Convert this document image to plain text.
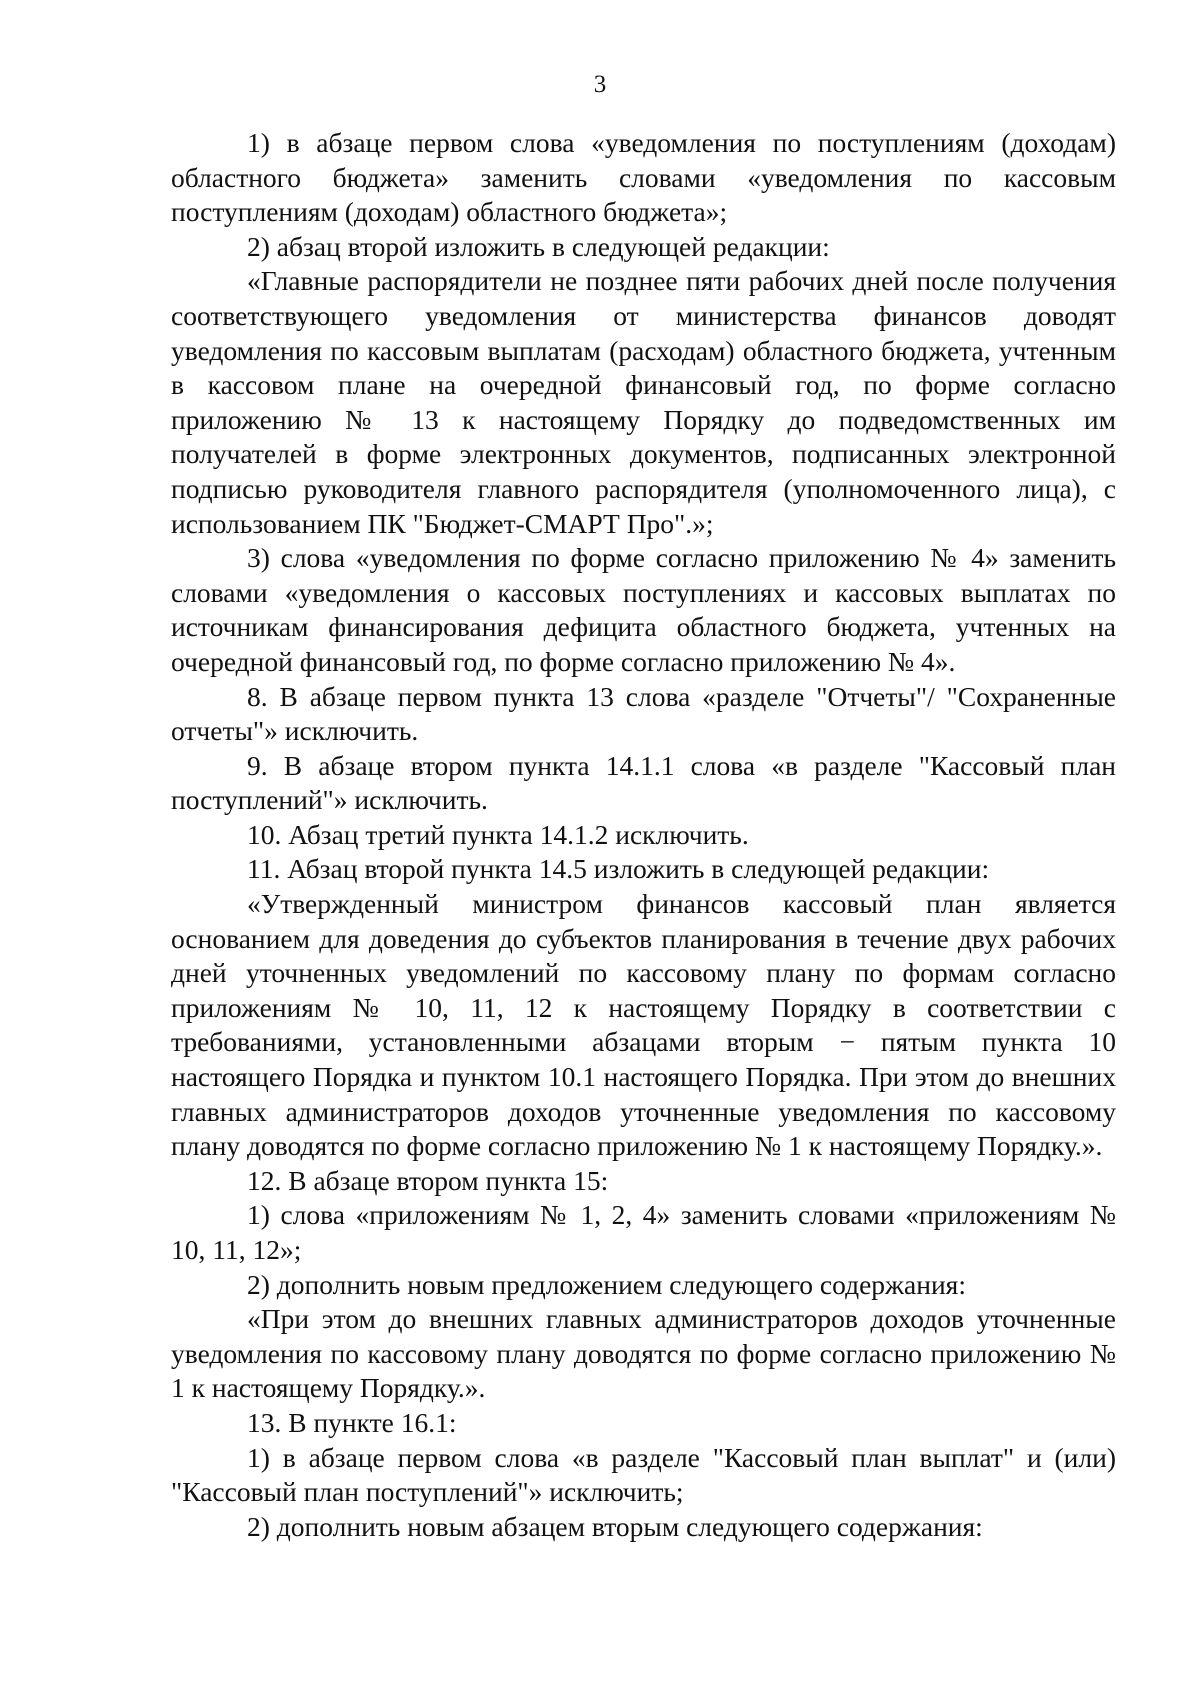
3

1) в абзаце первом слова «уведомления по поступлениям (доходам) областного бюджета» заменить словами «уведомления по кассовым поступлениям (доходам) областного бюджета»;

2) абзац второй изложить в следующей редакции:

«Главные распорядители не позднее пяти рабочих дней после получения соответствующего уведомления от министерства финансов доводят уведомления по кассовым выплатам (расходам) областного бюджета, учтенным в кассовом плане на очередной финансовый год, по форме согласно приложению № 13 к настоящему Порядку до подведомственных им получателей в форме электронных документов, подписанных электронной подписью руководителя главного распорядителя (уполномоченного лица), с использованием ПК "Бюджет-СМАРТ Про".»;

3) слова «уведомления по форме согласно приложению № 4» заменить словами «уведомления о кассовых поступлениях и кассовых выплатах по источникам финансирования дефицита областного бюджета, учтенных на очередной финансовый год, по форме согласно приложению № 4».

8. В абзаце первом пункта 13 слова «разделе "Отчеты"/ "Сохраненные отчеты"» исключить.

9. В абзаце втором пункта 14.1.1 слова «в разделе "Кассовый план поступлений"» исключить.

10. Абзац третий пункта 14.1.2 исключить.

11. Абзац второй пункта 14.5 изложить в следующей редакции:

«Утвержденный министром финансов кассовый план является основанием для доведения до субъектов планирования в течение двух рабочих дней уточненных уведомлений по кассовому плану по формам согласно приложениям № 10, 11, 12 к настоящему Порядку в соответствии с требованиями, установленными абзацами вторым − пятым пункта 10 настоящего Порядка и пунктом 10.1 настоящего Порядка. При этом до внешних главных администраторов доходов уточненные уведомления по кассовому плану доводятся по форме согласно приложению № 1 к настоящему Порядку.».

12. В абзаце втором пункта 15:

1) слова «приложениям № 1, 2, 4» заменить словами «приложениям № 10, 11, 12»;

2) дополнить новым предложением следующего содержания:

«При этом до внешних главных администраторов доходов уточненные уведомления по кассовому плану доводятся по форме согласно приложению № 1 к настоящему Порядку.».

13. В пункте 16.1:

1) в абзаце первом слова «в разделе "Кассовый план выплат" и (или) "Кассовый план поступлений"» исключить;

2) дополнить новым абзацем вторым следующего содержания:
